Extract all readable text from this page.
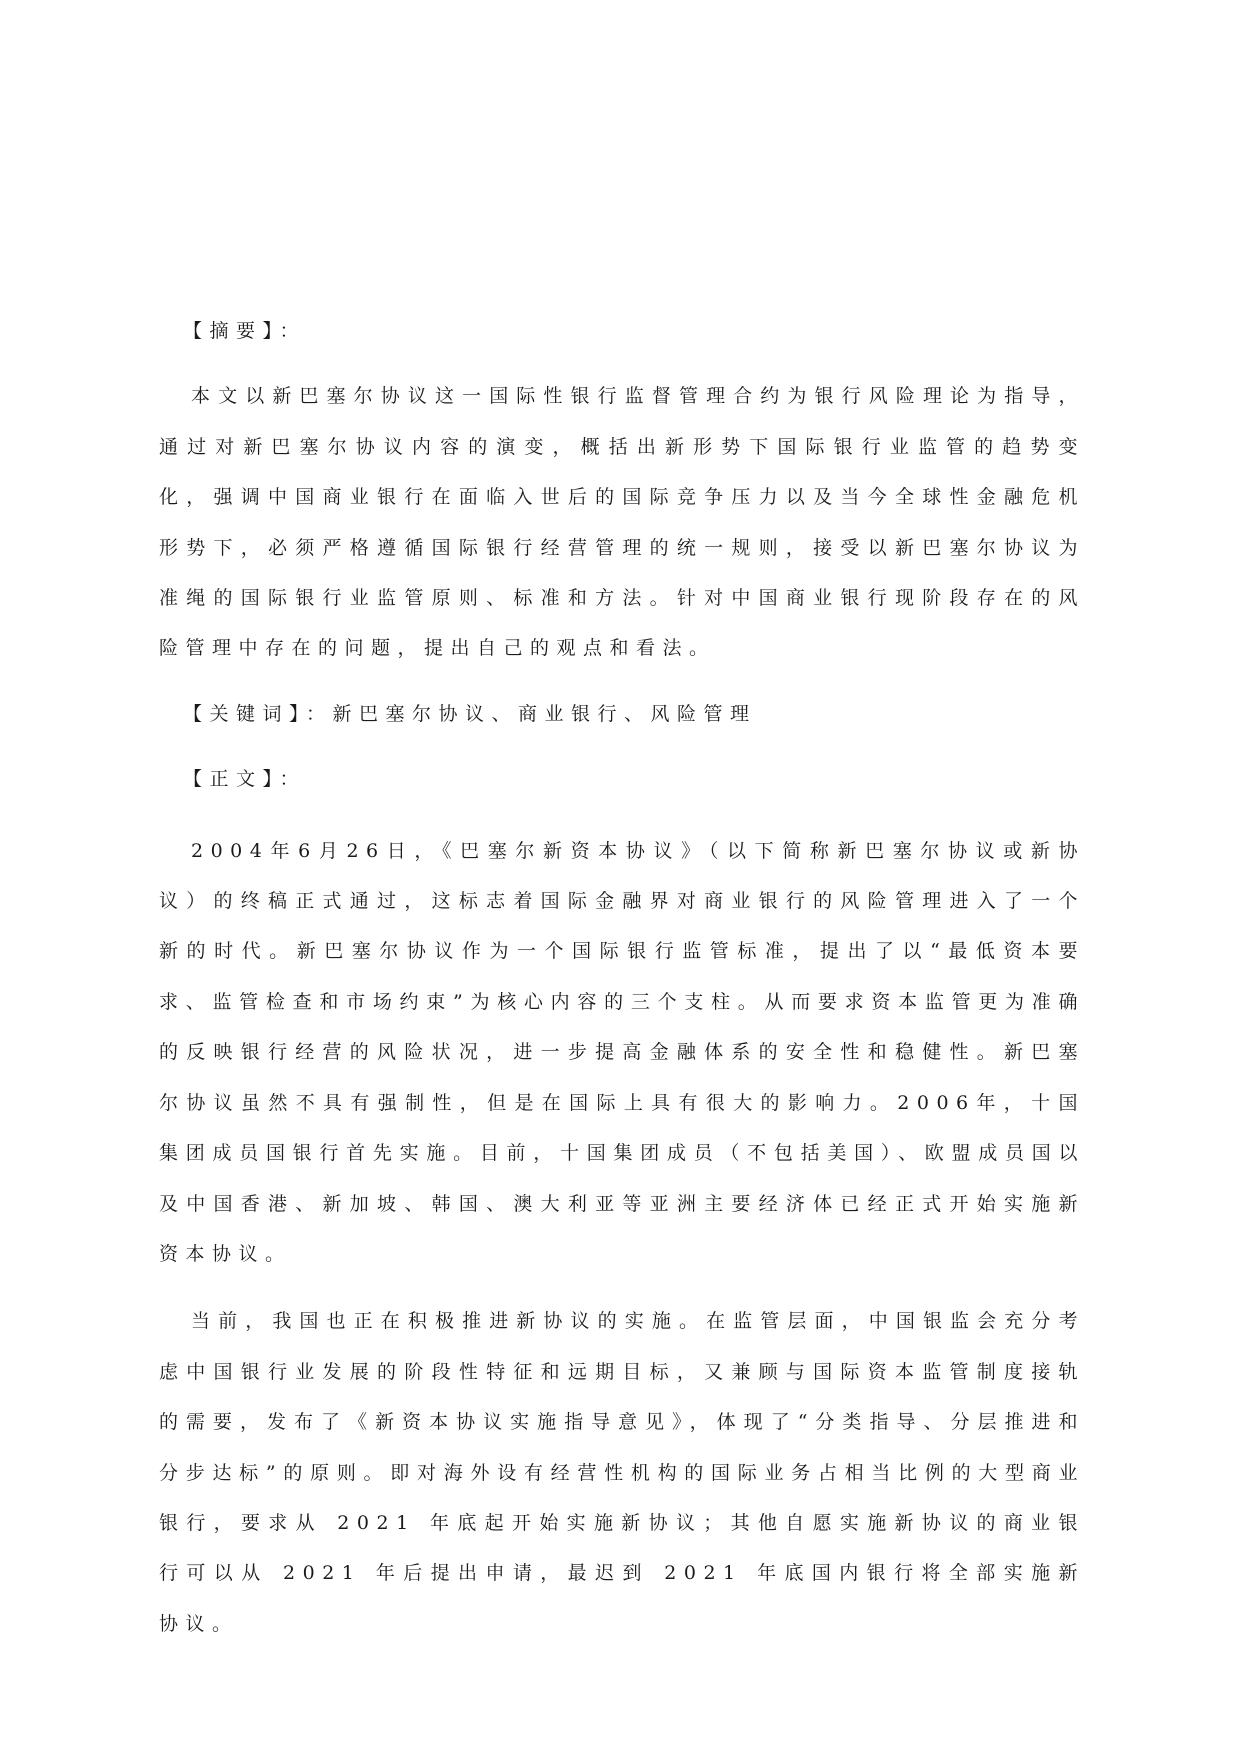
【摘要】：

本文以新巴塞尔协议这一国际性银行监督管理合约为银行风险理论为指导，通过对新巴塞尔协议内容的演变，概括出新形势下国际银行业监管的趋势变化，强调中国商业银行在面临入世后的国际竞争压力以及当今全球性金融危机形势下，必须严格遵循国际银行经营管理的统一规则，接受以新巴塞尔协议为准绳的国际银行业监管原则、标准和方法。针对中国商业银行现阶段存在的风险管理中存在的问题，提出自己的观点和看法。

【关键词】：新巴塞尔协议、商业银行、风险管理

【正文】：

2004年6月26日，《巴塞尔新资本协议》（以下简称新巴塞尔协议或新协议）的终稿正式通过，这标志着国际金融界对商业银行的风险管理进入了一个新的时代。新巴塞尔协议作为一个国际银行监管标准，提出了以“最低资本要求、监管检查和市场约束”为核心内容的三个支柱。从而要求资本监管更为准确的反映银行经营的风险状况，进一步提高金融体系的安全性和稳健性。新巴塞尔协议虽然不具有强制性，但是在国际上具有很大的影响力。2006年，十国集团成员国银行首先实施。目前，十国集团成员（不包括美国）、欧盟成员国以及中国香港、新加坡、韩国、澳大利亚等亚洲主要经济体已经正式开始实施新资本协议。

当前，我国也正在积极推进新协议的实施。在监管层面，中国银监会充分考虑中国银行业发展的阶段性特征和远期目标，又兼顾与国际资本监管制度接轨的需要，发布了《新资本协议实施指导意见》，体现了“分类指导、分层推进和分步达标”的原则。即对海外设有经营性机构的国际业务占相当比例的大型商业银行，要求从 2021 年底起开始实施新协议；其他自愿实施新协议的商业银行可以从 2021 年后提出申请，最迟到 2021 年底国内银行将全部实施新协议。
